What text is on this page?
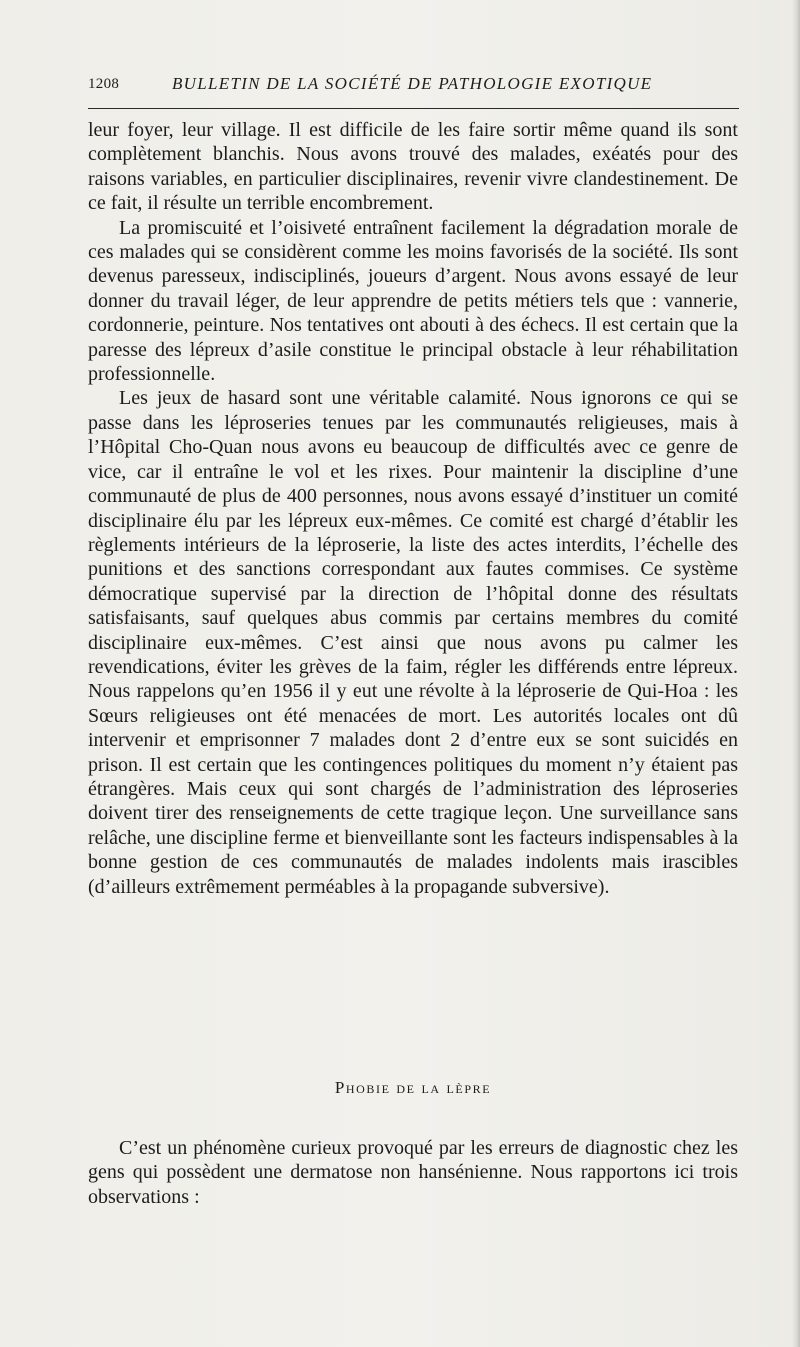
1208	BULLETIN DE LA SOCIÉTÉ DE PATHOLOGIE EXOTIQUE

leur foyer, leur village. Il est difficile de les faire sortir même quand ils sont complètement blanchis. Nous avons trouvé des malades, exéatés pour des raisons variables, en particulier disciplinaires, revenir vivre clandestinement. De ce fait, il résulte un terrible encombrement.

La promiscuité et l’oisiveté entraînent facilement la dégradation morale de ces malades qui se considèrent comme les moins favorisés de la société. Ils sont devenus paresseux, indisciplinés, joueurs d’argent. Nous avons essayé de leur donner du travail léger, de leur apprendre de petits métiers tels que : vannerie, cordonnerie, peinture. Nos tentatives ont abouti à des échecs. Il est certain que la paresse des lépreux d’asile constitue le principal obstacle à leur réhabilitation professionnelle.

Les jeux de hasard sont une véritable calamité. Nous ignorons ce qui se passe dans les léproseries tenues par les communautés religieuses, mais à l’Hôpital Cho-Quan nous avons eu beaucoup de difficultés avec ce genre de vice, car il entraîne le vol et les rixes. Pour maintenir la discipline d’une communauté de plus de 400 personnes, nous avons essayé d’instituer un comité disciplinaire élu par les lépreux eux-mêmes. Ce comité est chargé d’établir les règlements intérieurs de la léproserie, la liste des actes interdits, l’échelle des punitions et des sanctions correspondant aux fautes commises. Ce système démocratique supervisé par la direction de l’hôpital donne des résultats satisfaisants, sauf quelques abus commis par certains membres du comité disciplinaire eux-mêmes. C’est ainsi que nous avons pu calmer les revendications, éviter les grèves de la faim, régler les différends entre lépreux. Nous rappelons qu’en 1956 il y eut une révolte à la léproserie de Qui-Hoa : les Sœurs religieuses ont été menacées de mort. Les autorités locales ont dû intervenir et emprisonner 7 malades dont 2 d’entre eux se sont suicidés en prison. Il est certain que les contingences politiques du moment n’y étaient pas étrangères. Mais ceux qui sont chargés de l’administration des léproseries doivent tirer des renseignements de cette tragique leçon. Une surveillance sans relâche, une discipline ferme et bienveillante sont les facteurs indispensables à la bonne gestion de ces communautés de malades indolents mais irascibles (d’ailleurs extrêmement perméables à la propagande subversive).

Phobie de la lèpre

C’est un phénomène curieux provoqué par les erreurs de diagnostic chez les gens qui possèdent une dermatose non hansénienne. Nous rapportons ici trois observations :
